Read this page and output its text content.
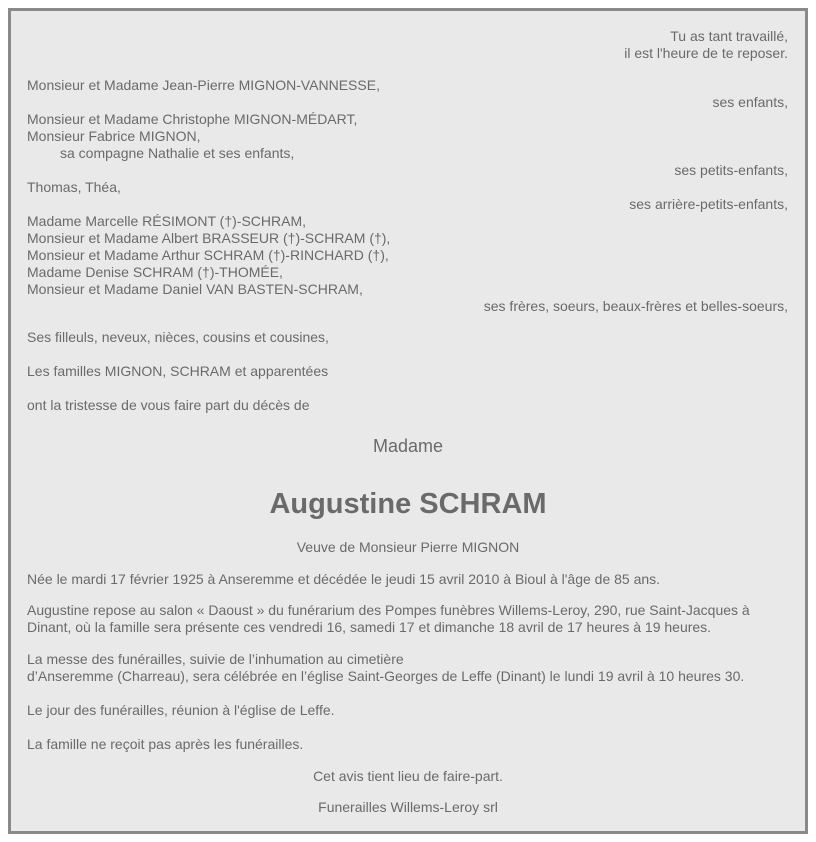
Tu as tant travaillé,
il est l'heure de te reposer.
Monsieur et Madame Jean-Pierre MIGNON-VANNESSE,
ses enfants,
Monsieur et Madame Christophe MIGNON-MÉDART,
Monsieur Fabrice MIGNON,
sa compagne Nathalie et ses enfants,
ses petits-enfants,
Thomas, Théa,
ses arrière-petits-enfants,
Madame Marcelle RÉSIMONT (†)-SCHRAM,
Monsieur et Madame Albert BRASSEUR (†)-SCHRAM (†),
Monsieur et Madame Arthur SCHRAM (†)-RINCHARD (†),
Madame Denise SCHRAM (†)-THOMÉE,
Monsieur et Madame Daniel VAN BASTEN-SCHRAM,
ses frères, soeurs, beaux-frères et belles-soeurs,
Ses filleuls, neveux, nièces, cousins et cousines,
Les familles MIGNON, SCHRAM et apparentées
ont la tristesse de vous faire part du décès de
Madame
Augustine SCHRAM
Veuve de Monsieur Pierre MIGNON
Née le mardi 17 février 1925 à Anseremme et décédée le jeudi 15 avril 2010 à Bioul à l'âge de 85 ans.
Augustine repose au salon « Daoust » du funérarium des Pompes funèbres Willems-Leroy, 290, rue Saint-Jacques à
Dinant, où la famille sera présente ces vendredi 16, samedi 17 et dimanche 18 avril de 17 heures à 19 heures.
La messe des funérailles, suivie de l’inhumation au cimetière
d’Anseremme (Charreau), sera célébrée en l’église Saint-Georges de Leffe (Dinant) le lundi 19 avril à 10 heures 30.
Le jour des funérailles, réunion à l'église de Leffe.
La famille ne reçoit pas après les funérailles.
Cet avis tient lieu de faire-part.
Funerailles Willems-Leroy srl
